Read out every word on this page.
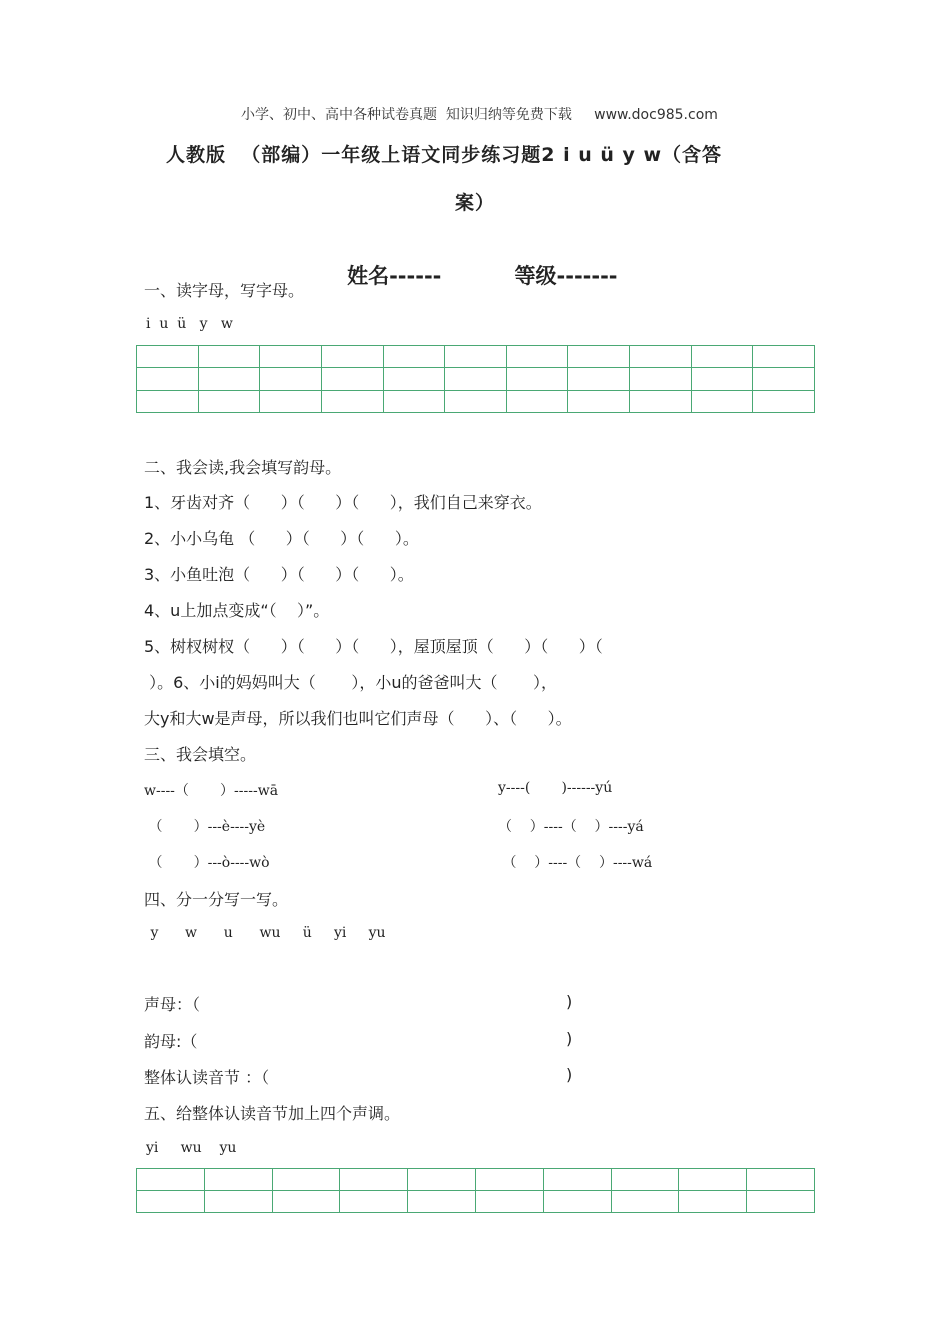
小学、初中、高中各种试卷真题  知识归纳等免费下载 www.doc985.com

人教版  （部编）一年级上语文同步练习题2 i u ü y w（含答
案）

姓名------	等级-------

一、读字母，写字母。
i  u  ü   y   w

二、我会读,我会填写韵母。
1、牙齿对齐（      ）（      ）（      ），我们自己来穿衣。
2、小小乌龟 （      ）（      ）（      ）。
3、小鱼吐泡（      ）（      ）（      ）。
4、u上加点变成“（    ）”。
5、树杈树杈（      ）（      ）（      ），屋顶屋顶（      ）（      ）（
）。6、小i的妈妈叫大（       ），小u的爸爸叫大（       ），
大y和大w是声母，所以我们也叫它们声母（      ）、（      ）。
三、我会填空。
w----（       ）-----wā
（       ）---è----yè
（       ）---ò----wò
y----(       )------yú
（    ）----（    ）----yá
（    ）----（    ）----wá
四、分一分写一写。
y      w      u      wu     ü     yi     yu
声母：（	)
韵母:（	)
整体认读音节 ：（	)
五、给整体认读音节加上四个声调。
yi     wu    yu
